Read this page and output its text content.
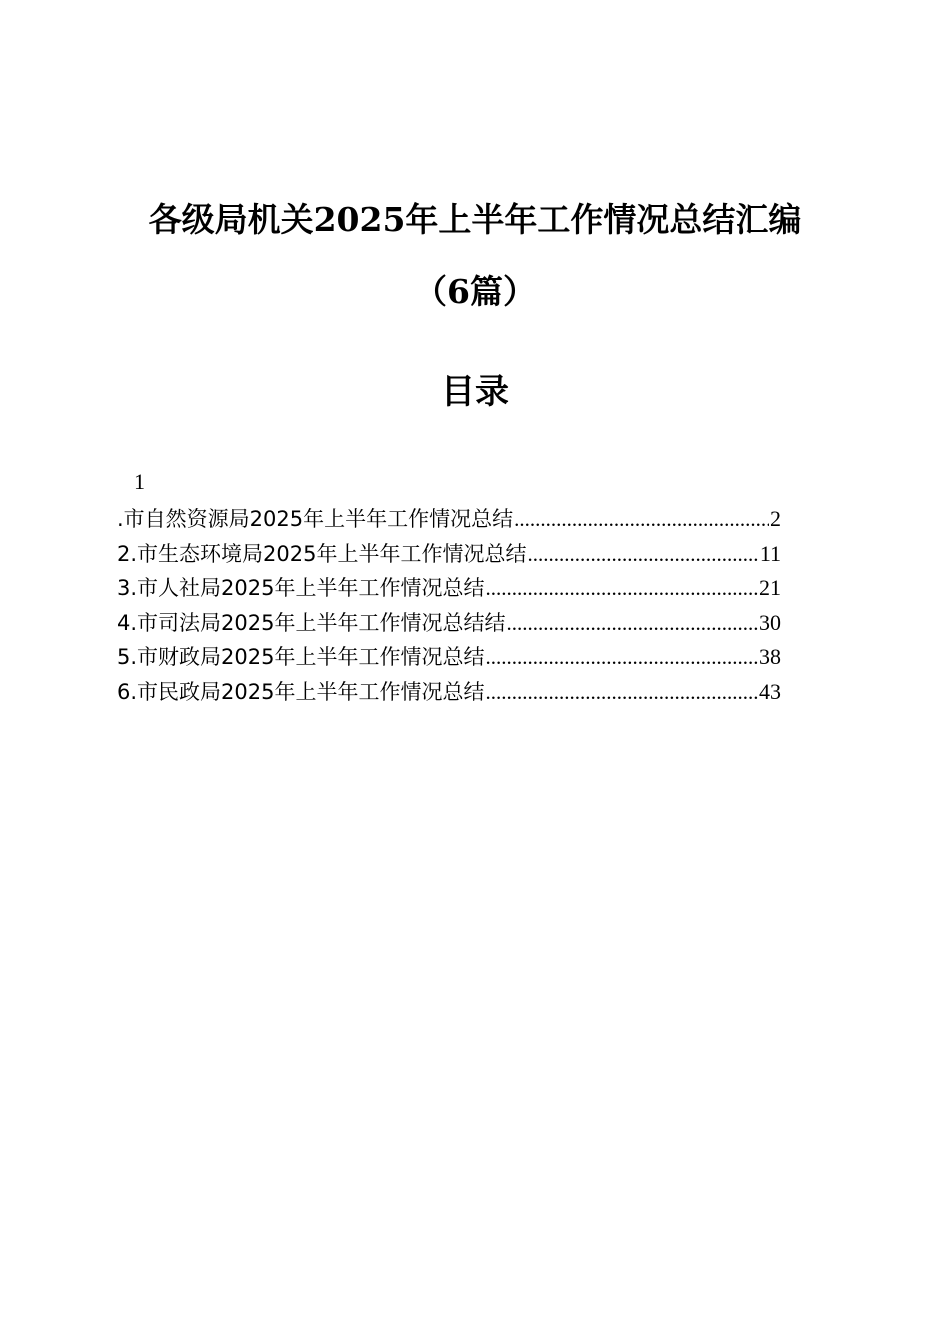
各级局机关2025年上半年工作情况总结汇编
（6篇）
目录
1
.市自然资源局2025年上半年工作情况总结 .....	2
2.市生态环境局2025年上半年工作情况总结 .....	11
3.市人社局2025年上半年工作情况总结 .....	21
4.市司法局2025年上半年工作情况总结结 .....	30
5.市财政局2025年上半年工作情况总结 .....	38
6.市民政局2025年上半年工作情况总结 .....	43
